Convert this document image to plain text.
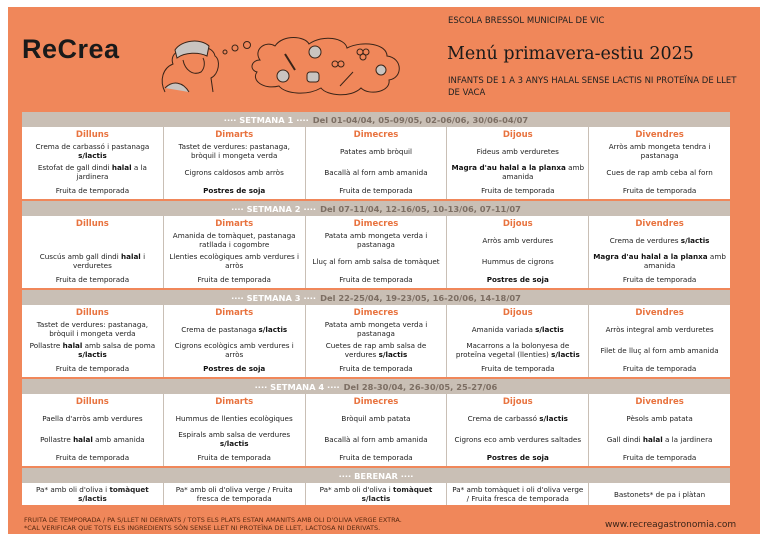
ReCrea
ESCOLA BRESSOL MUNICIPAL DE VIC
Menú primavera-estiu 2025
INFANTS DE 1 A 3 ANYS HALAL SENSE LACTIS NI PROTEÏNA DE LLET DE VACA
···· SETMANA 1 ···· Del 01-04/04, 05-09/05, 02-06/06, 30/06-04/07
Dilluns
Crema de carbassó i pastanaga s/lactis
Estofat de gall dindi halal a la jardinera
Fruita de temporada
Dimarts
Tastet de verdures: pastanaga, bròquil i mongeta verda
Cigrons caldosos amb arròs
Postres de soja
Dimecres
Patates amb bròquil
Bacallà al forn amb amanida
Fruita de temporada
Dijous
Fideus amb verduretes
Magra d'au halal a la planxa amb amanida
Fruita de temporada
Divendres
Arròs amb mongeta tendra i pastanaga
Cues de rap amb ceba al forn
Fruita de temporada
···· SETMANA 2 ···· Del 07-11/04, 12-16/05, 10-13/06, 07-11/07
Dilluns
Cuscús amb gall dindi halal i verduretes
Fruita de temporada
Dimarts
Amanida de tomàquet, pastanaga ratllada i cogombre
Llenties ecològiques amb verdures i arròs
Fruita de temporada
Dimecres
Patata amb mongeta verda i pastanaga
Lluç al forn amb salsa de tomàquet
Fruita de temporada
Dijous
Arròs amb verdures
Hummus de cigrons
Postres de soja
Divendres
Crema de verdures s/lactis
Magra d'au halal a la planxa amb amanida
Fruita de temporada
···· SETMANA 3 ···· Del 22-25/04, 19-23/05, 16-20/06, 14-18/07
Dilluns
Tastet de verdures: pastanaga, bròquil i mongeta verda
Pollastre halal amb salsa de poma
s/lactis
Fruita de temporada
Dimarts
Crema de pastanaga s/lactis
Cigrons ecològics amb verdures i arròs
Postres de soja
Dimecres
Patata amb mongeta verda i pastanaga
Cuetes de rap amb salsa de verdures s/lactis
Fruita de temporada
Dijous
Amanida variada s/lactis
Macarrons a la bolonyesa de proteïna vegetal (llenties) s/lactis
Fruita de temporada
Divendres
Arròs integral amb verduretes
Filet de lluç al forn amb amanida
Fruita de temporada
···· SETMANA 4 ···· Del 28-30/04, 26-30/05, 25-27/06
Dilluns
Paella d'arròs amb verdures
Pollastre halal amb amanida
Fruita de temporada
Dimarts
Hummus de llenties ecològiques
Espirals amb salsa de verdures s/lactis
Fruita de temporada
Dimecres
Bròquil amb patata
Bacallà al forn amb amanida
Fruita de temporada
Dijous
Crema de carbassó s/lactis
Cigrons eco amb verdures saltades
Postres de soja
Divendres
Pèsols amb patata
Gall dindi halal a la jardinera
Fruita de temporada
···· BERENAR ····
Pa* amb oli d'oliva i tomàquet
s/lactis
Pa* amb oli d'oliva verge / Fruita fresca de temporada
Pa* amb oli d'oliva i tomàquet
s/lactis
Pa* amb tomàquet i oli d'oliva verge / Fruita fresca de temporada	Bastonets* de pa i plàtan
FRUITA DE TEMPORADA / PA S/LLET NI DERIVATS / TOTS ELS PLATS ESTAN AMANITS AMB OLI D'OLIVA VERGE EXTRA.
*CAL VERIFICAR QUE TOTS ELS INGREDIENTS SÓN SENSE LLET NI PROTEÏNA DE LLET, LACTOSA NI DERIVATS.	www.recreagastronomia.com
